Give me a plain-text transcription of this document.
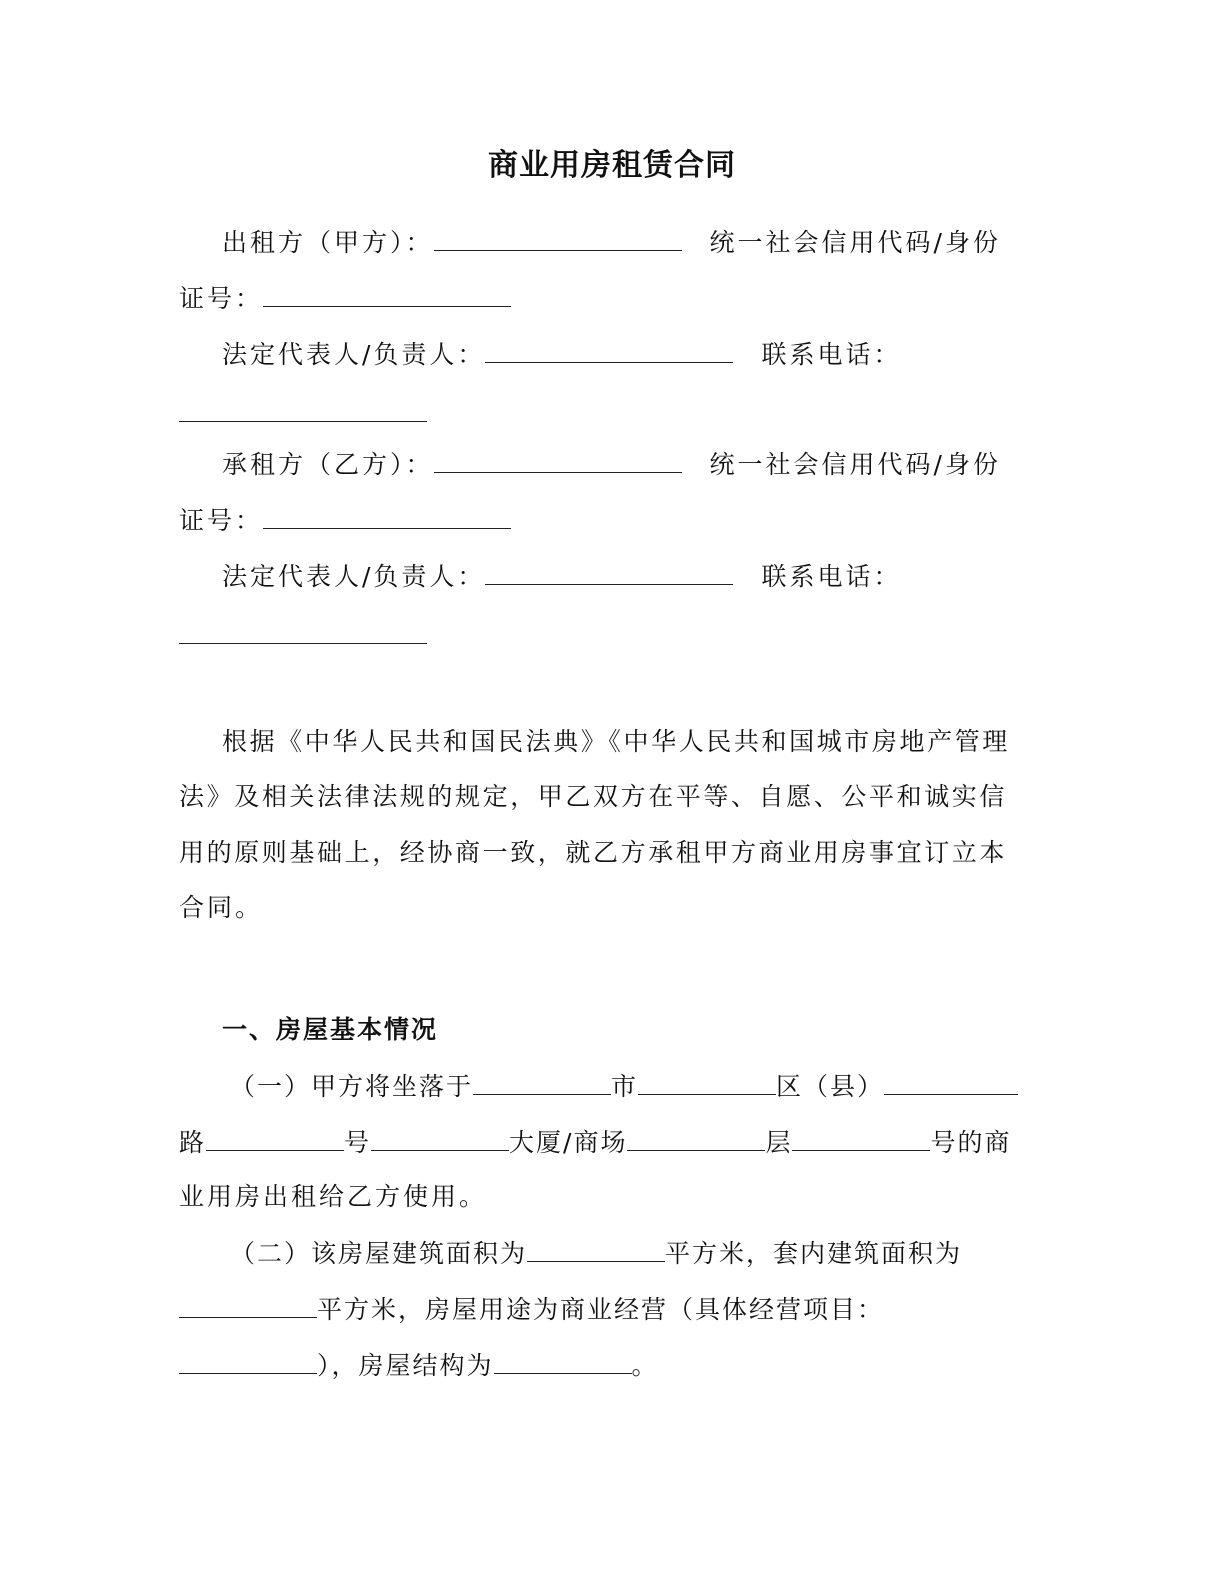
商业用房租赁合同
出租方（甲方）：	统一社会信用代码/身份
证号：
法定代表人/负责人：	联系电话：
承租方（乙方）：	统一社会信用代码/身份
证号：
法定代表人/负责人：	联系电话：
根据《中华人民共和国民法典》《中华人民共和国城市房地产管理
法》及相关法律法规的规定，甲乙双方在平等、自愿、公平和诚实信
用的原则基础上，经协商一致，就乙方承租甲方商业用房事宜订立本
合同。
一、房屋基本情况
（一）甲方将坐落于	市	区（县）
路	号	大厦/商场	层	号的商
业用房出租给乙方使用。
（二）该房屋建筑面积为	平方米，套内建筑面积为
平方米，房屋用途为商业经营（具体经营项目：
），房屋结构为	。
